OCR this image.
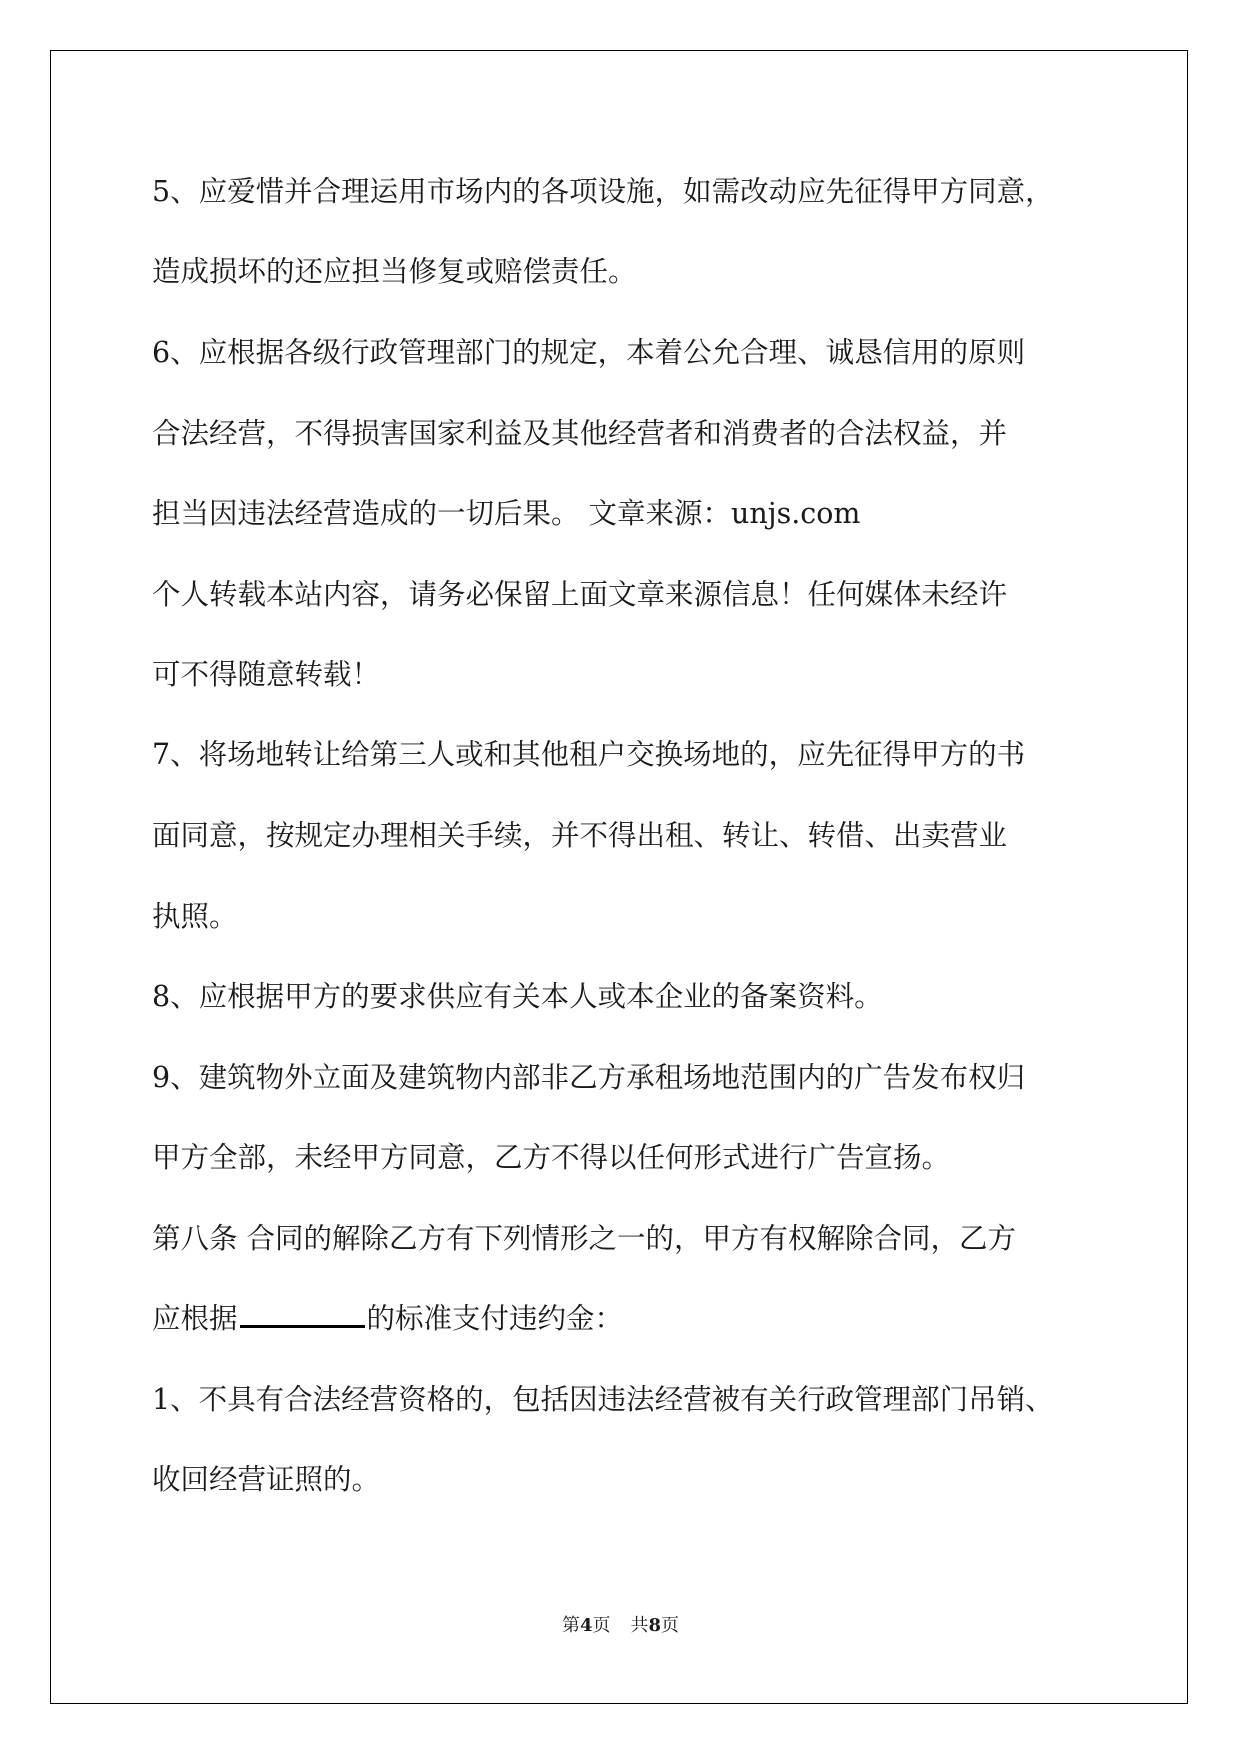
5、应爱惜并合理运用市场内的各项设施，如需改动应先征得甲方同意，
造成损坏的还应担当修复或赔偿责任。
6、应根据各级行政管理部门的规定，本着公允合理、诚恳信用的原则
合法经营，不得损害国家利益及其他经营者和消费者的合法权益，并
担当因违法经营造成的一切后果。 文章来源：unjs.com
个人转载本站内容，请务必保留上面文章来源信息！任何媒体未经许
可不得随意转载！
7、将场地转让给第三人或和其他租户交换场地的，应先征得甲方的书
面同意，按规定办理相关手续，并不得出租、转让、转借、出卖营业
执照。
8、应根据甲方的要求供应有关本人或本企业的备案资料。
9、建筑物外立面及建筑物内部非乙方承租场地范围内的广告发布权归
甲方全部，未经甲方同意，乙方不得以任何形式进行广告宣扬。
第八条 合同的解除乙方有下列情形之一的，甲方有权解除合同，乙方
应根据	的标准支付违约金：
1、不具有合法经营资格的，包括因违法经营被有关行政管理部门吊销、
收回经营证照的。
第4页 共8页
